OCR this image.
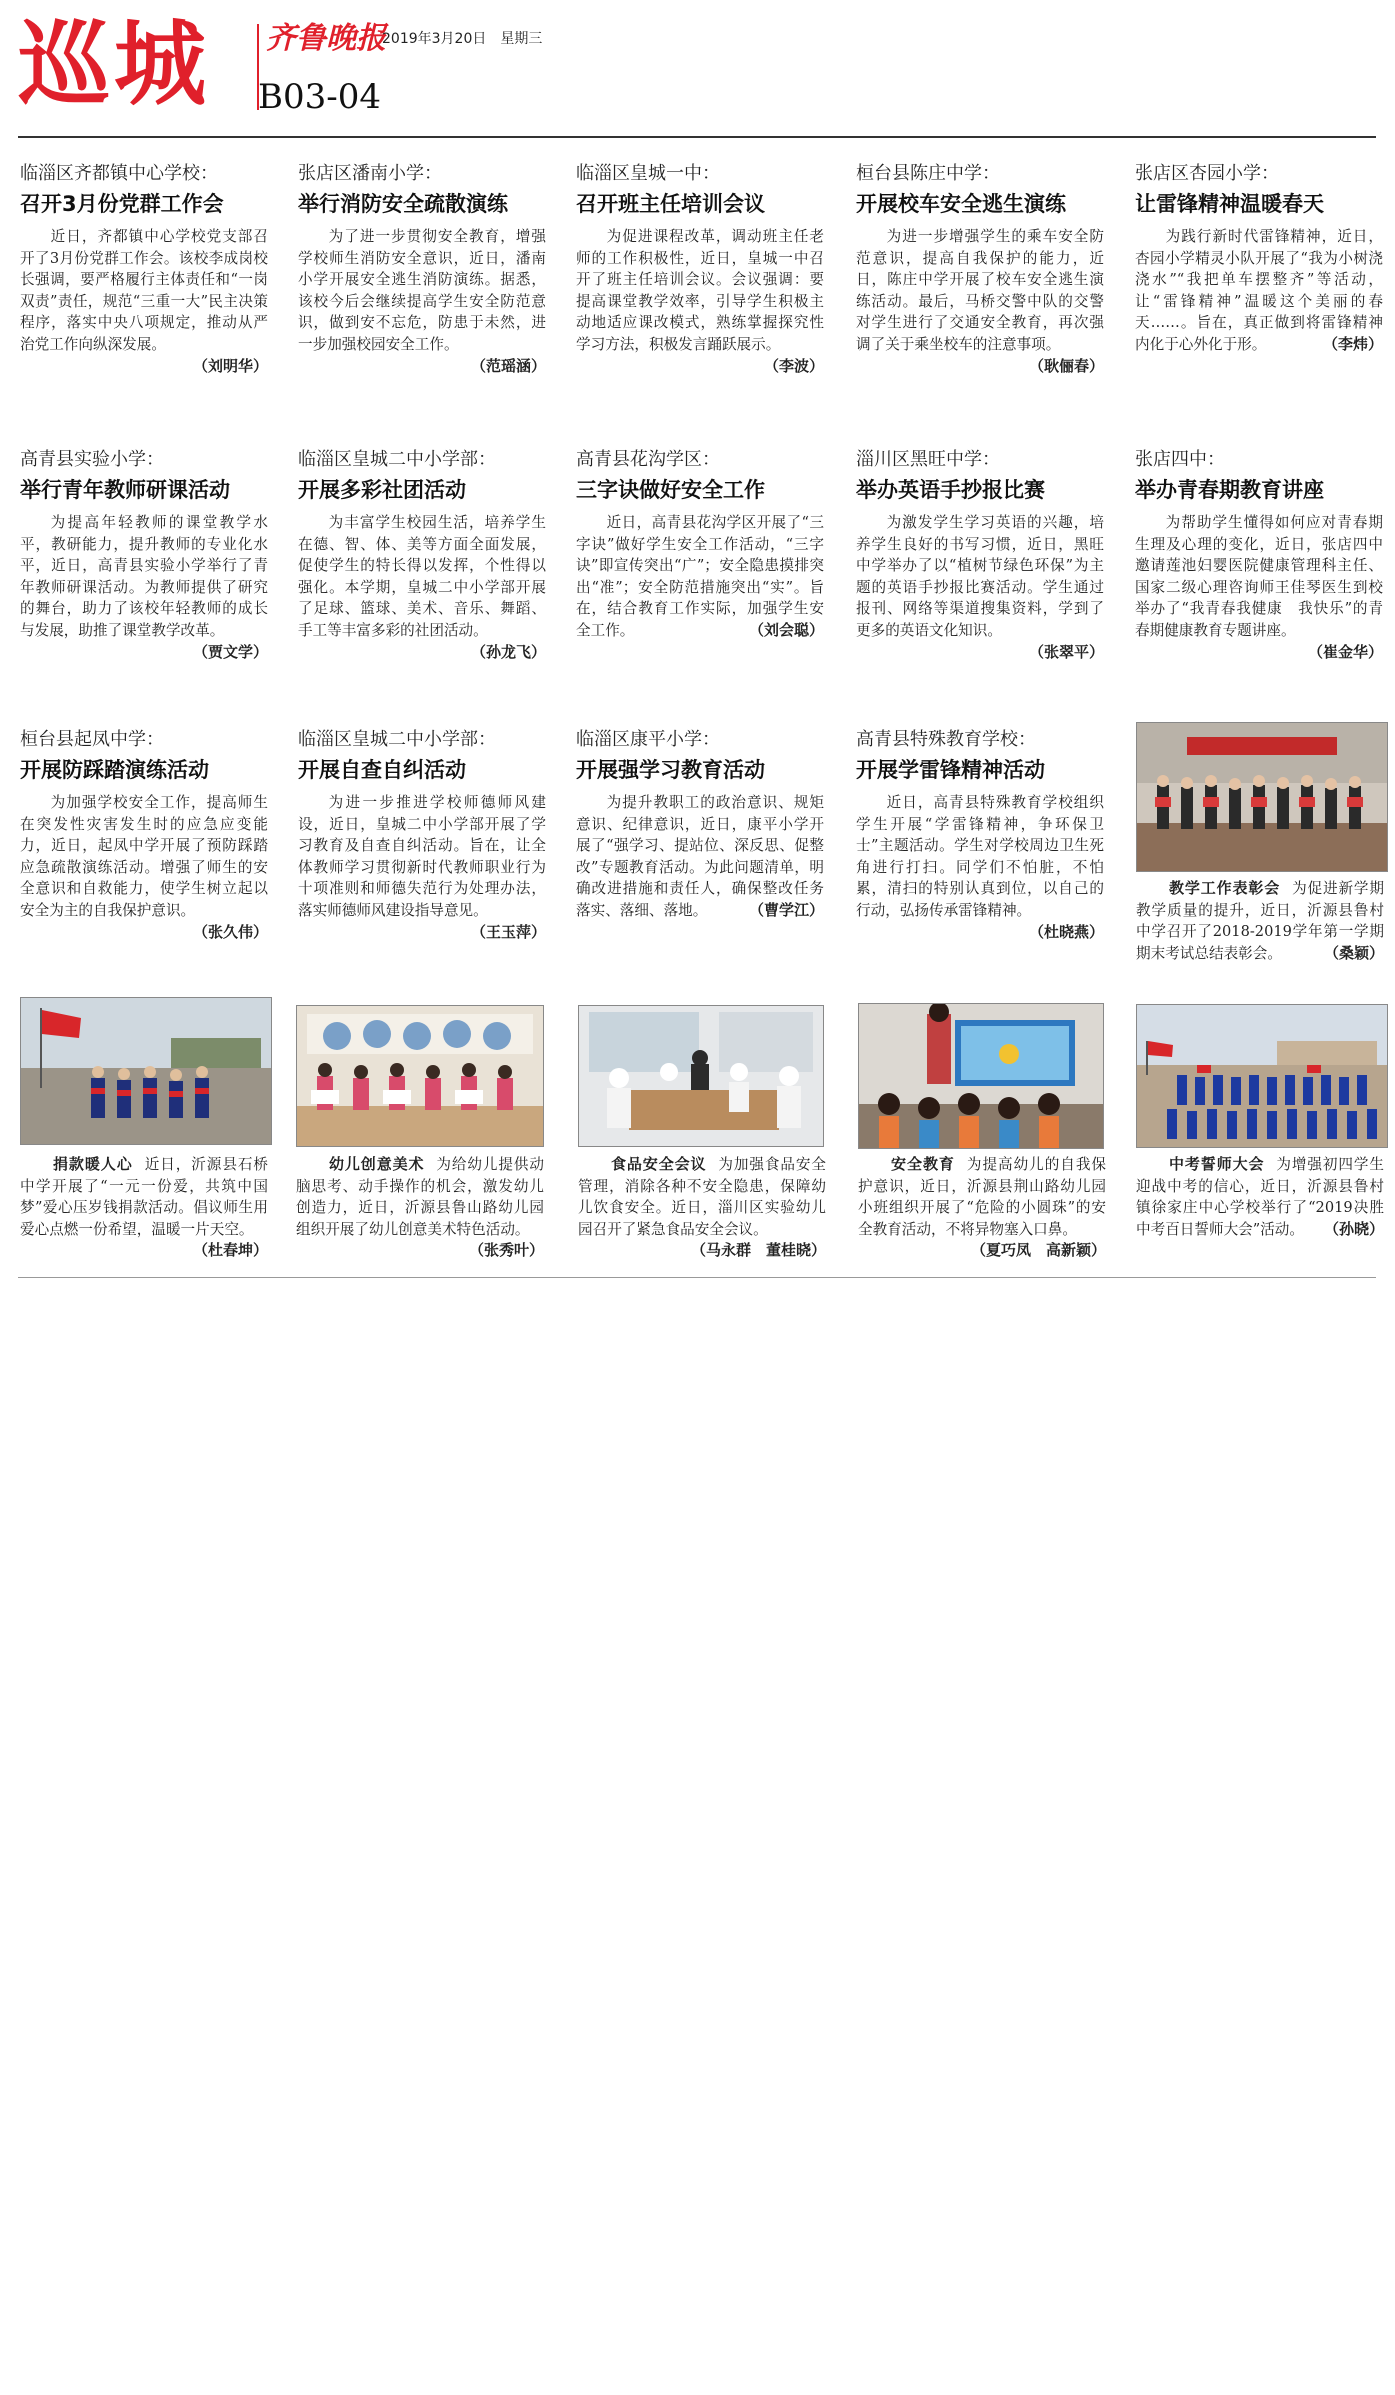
巡城 齐鲁晚报
2019年3月20日　星期三
B03-04

临淄区齐都镇中心学校：

召开3月份党群工作会

近日，齐都镇中心学校党支部召开了3月份党群工作会。该校李成岗校长强调，要严格履行主体责任和“一岗双责”责任，规范“三重一大”民主决策程序，落实中央八项规定，推动从严治党工作向纵深发展。
（刘明华）

张店区潘南小学：

举行消防安全疏散演练

为了进一步贯彻安全教育，增强学校师生消防安全意识，近日，潘南小学开展安全逃生消防演练。据悉，该校今后会继续提高学生安全防范意识，做到安不忘危，防患于未然，进一步加强校园安全工作。
（范瑶涵）

临淄区皇城一中：

召开班主任培训会议

为促进课程改革，调动班主任老师的工作积极性，近日，皇城一中召开了班主任培训会议。会议强调：要提高课堂教学效率，引导学生积极主动地适应课改模式，熟练掌握探究性学习方法，积极发言踊跃展示。
（李波）

桓台县陈庄中学：

开展校车安全逃生演练

为进一步增强学生的乘车安全防范意识，提高自我保护的能力，近日，陈庄中学开展了校车安全逃生演练活动。最后，马桥交警中队的交警对学生进行了交通安全教育，再次强调了关于乘坐校车的注意事项。
（耿俪春）

张店区杏园小学：

让雷锋精神温暖春天

为践行新时代雷锋精神，近日，杏园小学精灵小队开展了“我为小树浇浇水”“我把单车摆整齐”等活动，让“雷锋精神”温暖这个美丽的春天……。旨在，真正做到将雷锋精神内化于心外化于形。	（李炜）

高青县实验小学：

举行青年教师研课活动

为提高年轻教师的课堂教学水平，教研能力，提升教师的专业化水平，近日，高青县实验小学举行了青年教师研课活动。为教师提供了研究的舞台，助力了该校年轻教师的成长与发展，助推了课堂教学改革。
（贾文学）

临淄区皇城二中小学部：

开展多彩社团活动

为丰富学生校园生活，培养学生在德、智、体、美等方面全面发展，促使学生的特长得以发挥，个性得以强化。本学期，皇城二中小学部开展了足球、篮球、美术、音乐、舞蹈、手工等丰富多彩的社团活动。
（孙龙飞）

高青县花沟学区：

三字诀做好安全工作

近日，高青县花沟学区开展了“三字诀”做好学生安全工作活动，“三字诀”即宣传突出“广”；安全隐患摸排突出“准”；安全防范措施突出“实”。旨在，结合教育工作实际，加强学生安全工作。	（刘会聪）

淄川区黑旺中学：

举办英语手抄报比赛

为激发学生学习英语的兴趣，培养学生良好的书写习惯，近日，黑旺中学举办了以“植树节绿色环保”为主题的英语手抄报比赛活动。学生通过报刊、网络等渠道搜集资料，学到了更多的英语文化知识。
（张翠平）

张店四中：

举办青春期教育讲座

为帮助学生懂得如何应对青春期生理及心理的变化，近日，张店四中邀请莲池妇婴医院健康管理科主任、国家二级心理咨询师王佳琴医生到校举办了“我青春我健康　我快乐”的青春期健康教育专题讲座。
（崔金华）

桓台县起凤中学：

开展防踩踏演练活动

为加强学校安全工作，提高师生在突发性灾害发生时的应急应变能力，近日，起凤中学开展了预防踩踏应急疏散演练活动。增强了师生的安全意识和自救能力，使学生树立起以安全为主的自我保护意识。
（张久伟）

临淄区皇城二中小学部：

开展自查自纠活动

为进一步推进学校师德师风建设，近日，皇城二中小学部开展了学习教育及自查自纠活动。旨在，让全体教师学习贯彻新时代教师职业行为十项准则和师德失范行为处理办法，落实师德师风建设指导意见。
（王玉萍）

临淄区康平小学：

开展强学习教育活动

为提升教职工的政治意识、规矩意识、纪律意识，近日，康平小学开展了“强学习、提站位、深反思、促整改”专题教育活动。为此问题清单，明确改进措施和责任人，确保整改任务落实、落细、落地。	（曹学江）

高青县特殊教育学校：

开展学雷锋精神活动

近日，高青县特殊教育学校组织学生开展“学雷锋精神，争环保卫士”主题活动。学生对学校周边卫生死角进行打扫。同学们不怕脏，不怕累，清扫的特别认真到位，以自己的行动，弘扬传承雷锋精神。
（杜晓燕）

教学工作表彰会 为促进新学期教学质量的提升，近日，沂源县鲁村中学召开了2018-2019学年第一学期期末考试总结表彰会。	（桑颖）
捐款暖人心 近日，沂源县石桥中学开展了“一元一份爱，共筑中国梦”爱心压岁钱捐款活动。倡议师生用爱心点燃一份希望，温暖一片天空。
（杜春坤）
幼儿创意美术 为给幼儿提供动脑思考、动手操作的机会，激发幼儿创造力，近日，沂源县鲁山路幼儿园组织开展了幼儿创意美术特色活动。
（张秀叶）
食品安全会议 为加强食品安全管理，消除各种不安全隐患，保障幼儿饮食安全。近日，淄川区实验幼儿园召开了紧急食品安全会议。
（马永群　董桂晓）
安全教育 为提高幼儿的自我保护意识，近日，沂源县荆山路幼儿园小班组织开展了“危险的小圆珠”的安全教育活动，不将异物塞入口鼻。
（夏巧凤　高新颖）
中考誓师大会 为增强初四学生迎战中考的信心，近日，沂源县鲁村镇徐家庄中心学校举行了“2019决胜中考百日誓师大会”活动。 （孙晓）
